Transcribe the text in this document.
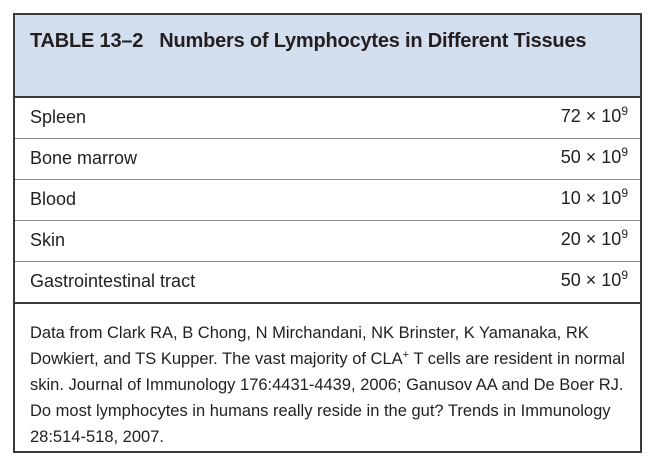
TABLE 13–2 Numbers of Lymphocytes in Different Tissues
Spleen	$72 \times 10^9$
Bone marrow	$50 \times 10^9$
Blood	$10 \times 10^9$
Skin	$20 \times 10^9$
Gastrointestinal tract	$50 \times 10^9$
Data from Clark RA, B Chong, N Mirchandani, NK Brinster, K Yamanaka, RK Dowkiert, and TS Kupper. The vast majority of CLA+ T cells are resident in normal skin. Journal of Immunology 176:4431-4439, 2006; Ganusov AA and De Boer RJ. Do most lymphocytes in humans really reside in the gut? Trends in Immunology 28:514-518, 2007.
